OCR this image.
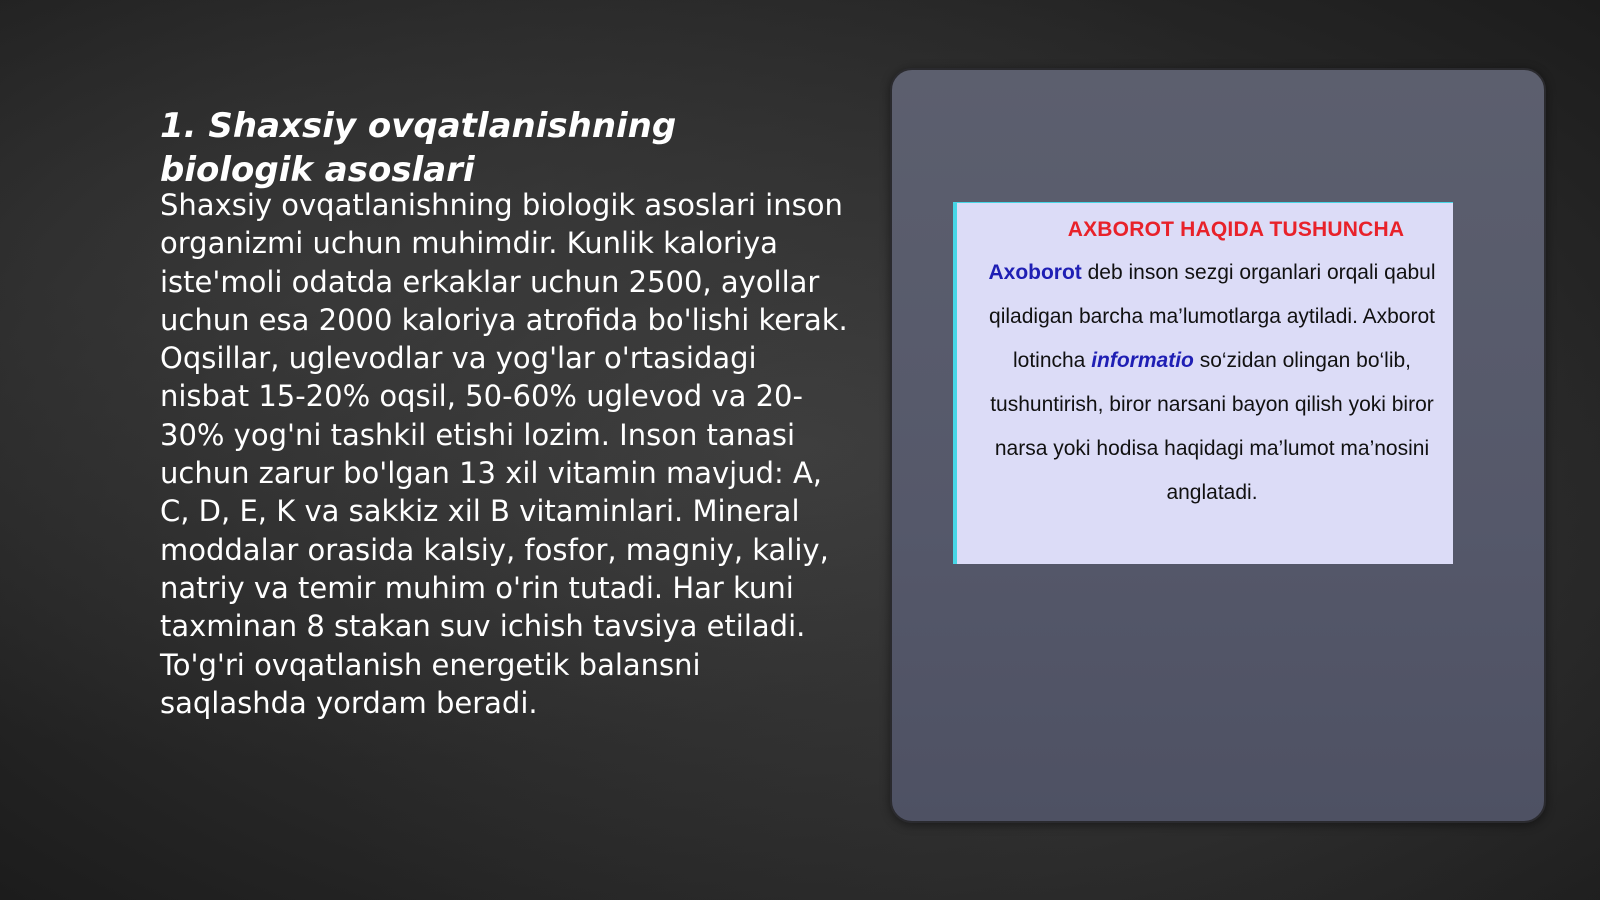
1. Shaxsiy ovqatlanishning biologik asoslari

Shaxsiy ovqatlanishning biologik asoslari inson organizmi uchun muhimdir. Kunlik kaloriya iste'moli odatda erkaklar uchun 2500, ayollar uchun esa 2000 kaloriya atrofida bo'lishi kerak. Oqsillar, uglevodlar va yog'lar o'rtasidagi nisbat 15-20% oqsil, 50-60% uglevod va 20-30% yog'ni tashkil etishi lozim. Inson tanasi uchun zarur bo'lgan 13 xil vitamin mavjud: A, C, D, E, K va sakkiz xil B vitaminlari. Mineral moddalar orasida kalsiy, fosfor, magniy, kaliy, natriy va temir muhim o'rin tutadi. Har kuni taxminan 8 stakan suv ichish tavsiya etiladi. To'g'ri ovqatlanish energetik balansni saqlashda yordam beradi.

AXBOROT HAQIDA TUSHUNCHA

Axoborot deb inson sezgi organlari orqali qabul qiladigan barcha ma’lumotlarga aytiladi. Axborot lotincha informatio so‘zidan olingan bo‘lib, tushuntirish, biror narsani bayon qilish yoki biror narsa yoki hodisa haqidagi ma’lumot ma’nosini anglatadi.
